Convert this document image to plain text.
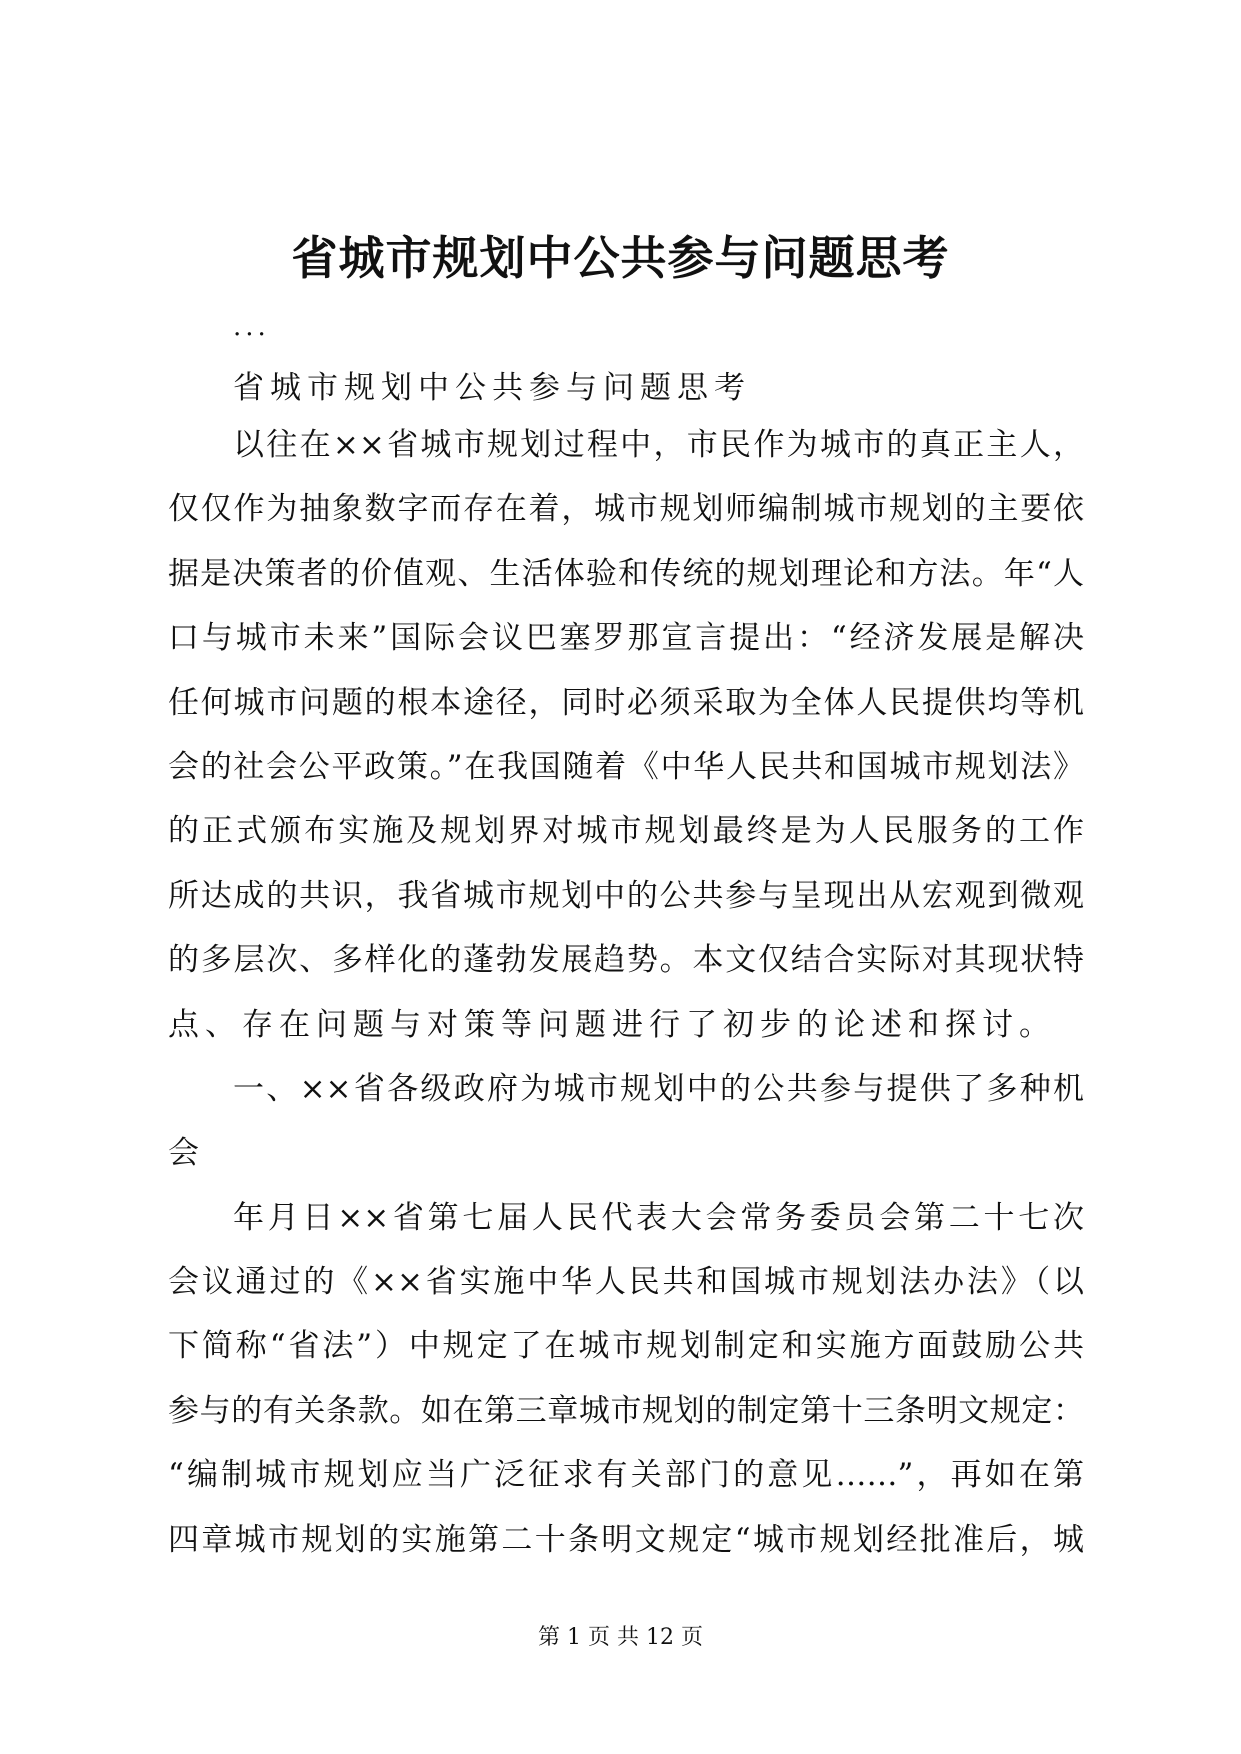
省城市规划中公共参与问题思考
...
省城市规划中公共参与问题思考
以往在××省城市规划过程中，市民作为城市的真正主人，
仅仅作为抽象数字而存在着，城市规划师编制城市规划的主要依
据是决策者的价值观、生活体验和传统的规划理论和方法。年“人
口与城市未来”国际会议巴塞罗那宣言提出：“经济发展是解决
任何城市问题的根本途径，同时必须采取为全体人民提供均等机
会的社会公平政策。”在我国随着《中华人民共和国城市规划法》
的正式颁布实施及规划界对城市规划最终是为人民服务的工作
所达成的共识，我省城市规划中的公共参与呈现出从宏观到微观
的多层次、多样化的蓬勃发展趋势。本文仅结合实际对其现状特
点、存在问题与对策等问题进行了初步的论述和探讨。
一、××省各级政府为城市规划中的公共参与提供了多种机
会
年月日××省第七届人民代表大会常务委员会第二十七次
会议通过的《××省实施中华人民共和国城市规划法办法》（以
下简称“省法”）中规定了在城市规划制定和实施方面鼓励公共
参与的有关条款。如在第三章城市规划的制定第十三条明文规定：
“编制城市规划应当广泛征求有关部门的意见……”，再如在第
四章城市规划的实施第二十条明文规定“城市规划经批准后，城
第 1 页 共 12 页
